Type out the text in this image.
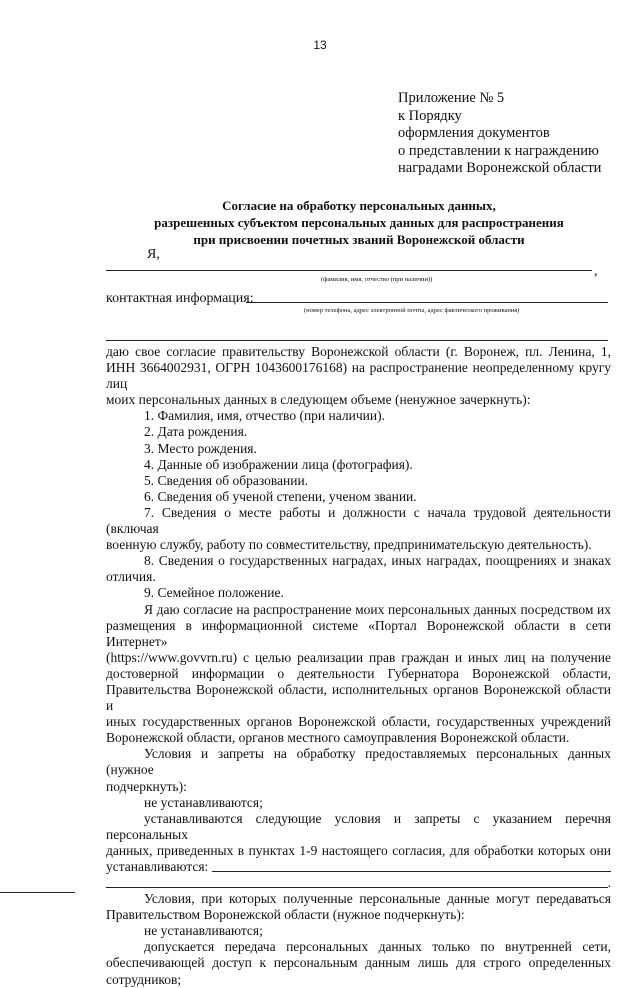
13
Приложение № 5
к Порядку
оформления документов
о представлении к награждению
наградами Воронежской области
Согласие на обработку персональных данных,
разрешенных субъектом персональных данных для распространения
при присвоении почетных званий Воронежской области
Я,
,
(фамилия, имя, отчество (при наличии))
контактная информация:
(номер телефона, адрес электронной почты, адрес фактического проживания)

даю свое согласие правительству Воронежской области (г. Воронеж, пл. Ленина, 1,

ИНН 3664002931, ОГРН 1043600176168) на распространение неопределенному кругу лиц

моих персональных данных в следующем объеме (ненужное зачеркнуть):

1. Фамилия, имя, отчество (при наличии).

2. Дата рождения.

3. Место рождения.

4. Данные об изображении лица (фотография).

5. Сведения об образовании.

6. Сведения об ученой степени, ученом звании.

7. Сведения о месте работы и должности с начала трудовой деятельности (включая

военную службу, работу по совместительству, предпринимательскую деятельность).

8. Сведения о государственных наградах, иных наградах, поощрениях и знаках

отличия.

9. Семейное положение.

Я даю согласие на распространение моих персональных данных посредством их

размещения в информационной системе «Портал Воронежской области в сети Интернет»

(https://www.govvrn.ru) с целью реализации прав граждан и иных лиц на получение

достоверной информации о деятельности Губернатора Воронежской области,

Правительства Воронежской области, исполнительных органов Воронежской области и

иных государственных органов Воронежской области, государственных учреждений

Воронежской области, органов местного самоуправления Воронежской области.

Условия и запреты на обработку предоставляемых персональных данных (нужное

подчеркнуть):

не устанавливаются;

устанавливаются следующие условия и запреты с указанием перечня персональных

данных, приведенных в пунктах 1-9 настоящего согласия, для обработки которых они

устанавливаются:

.

Условия, при которых полученные персональные данные могут передаваться

Правительством Воронежской области (нужное подчеркнуть):

не устанавливаются;

допускается передача персональных данных только по внутренней сети,

обеспечивающей доступ к персональным данным лишь для строго определенных

сотрудников;
